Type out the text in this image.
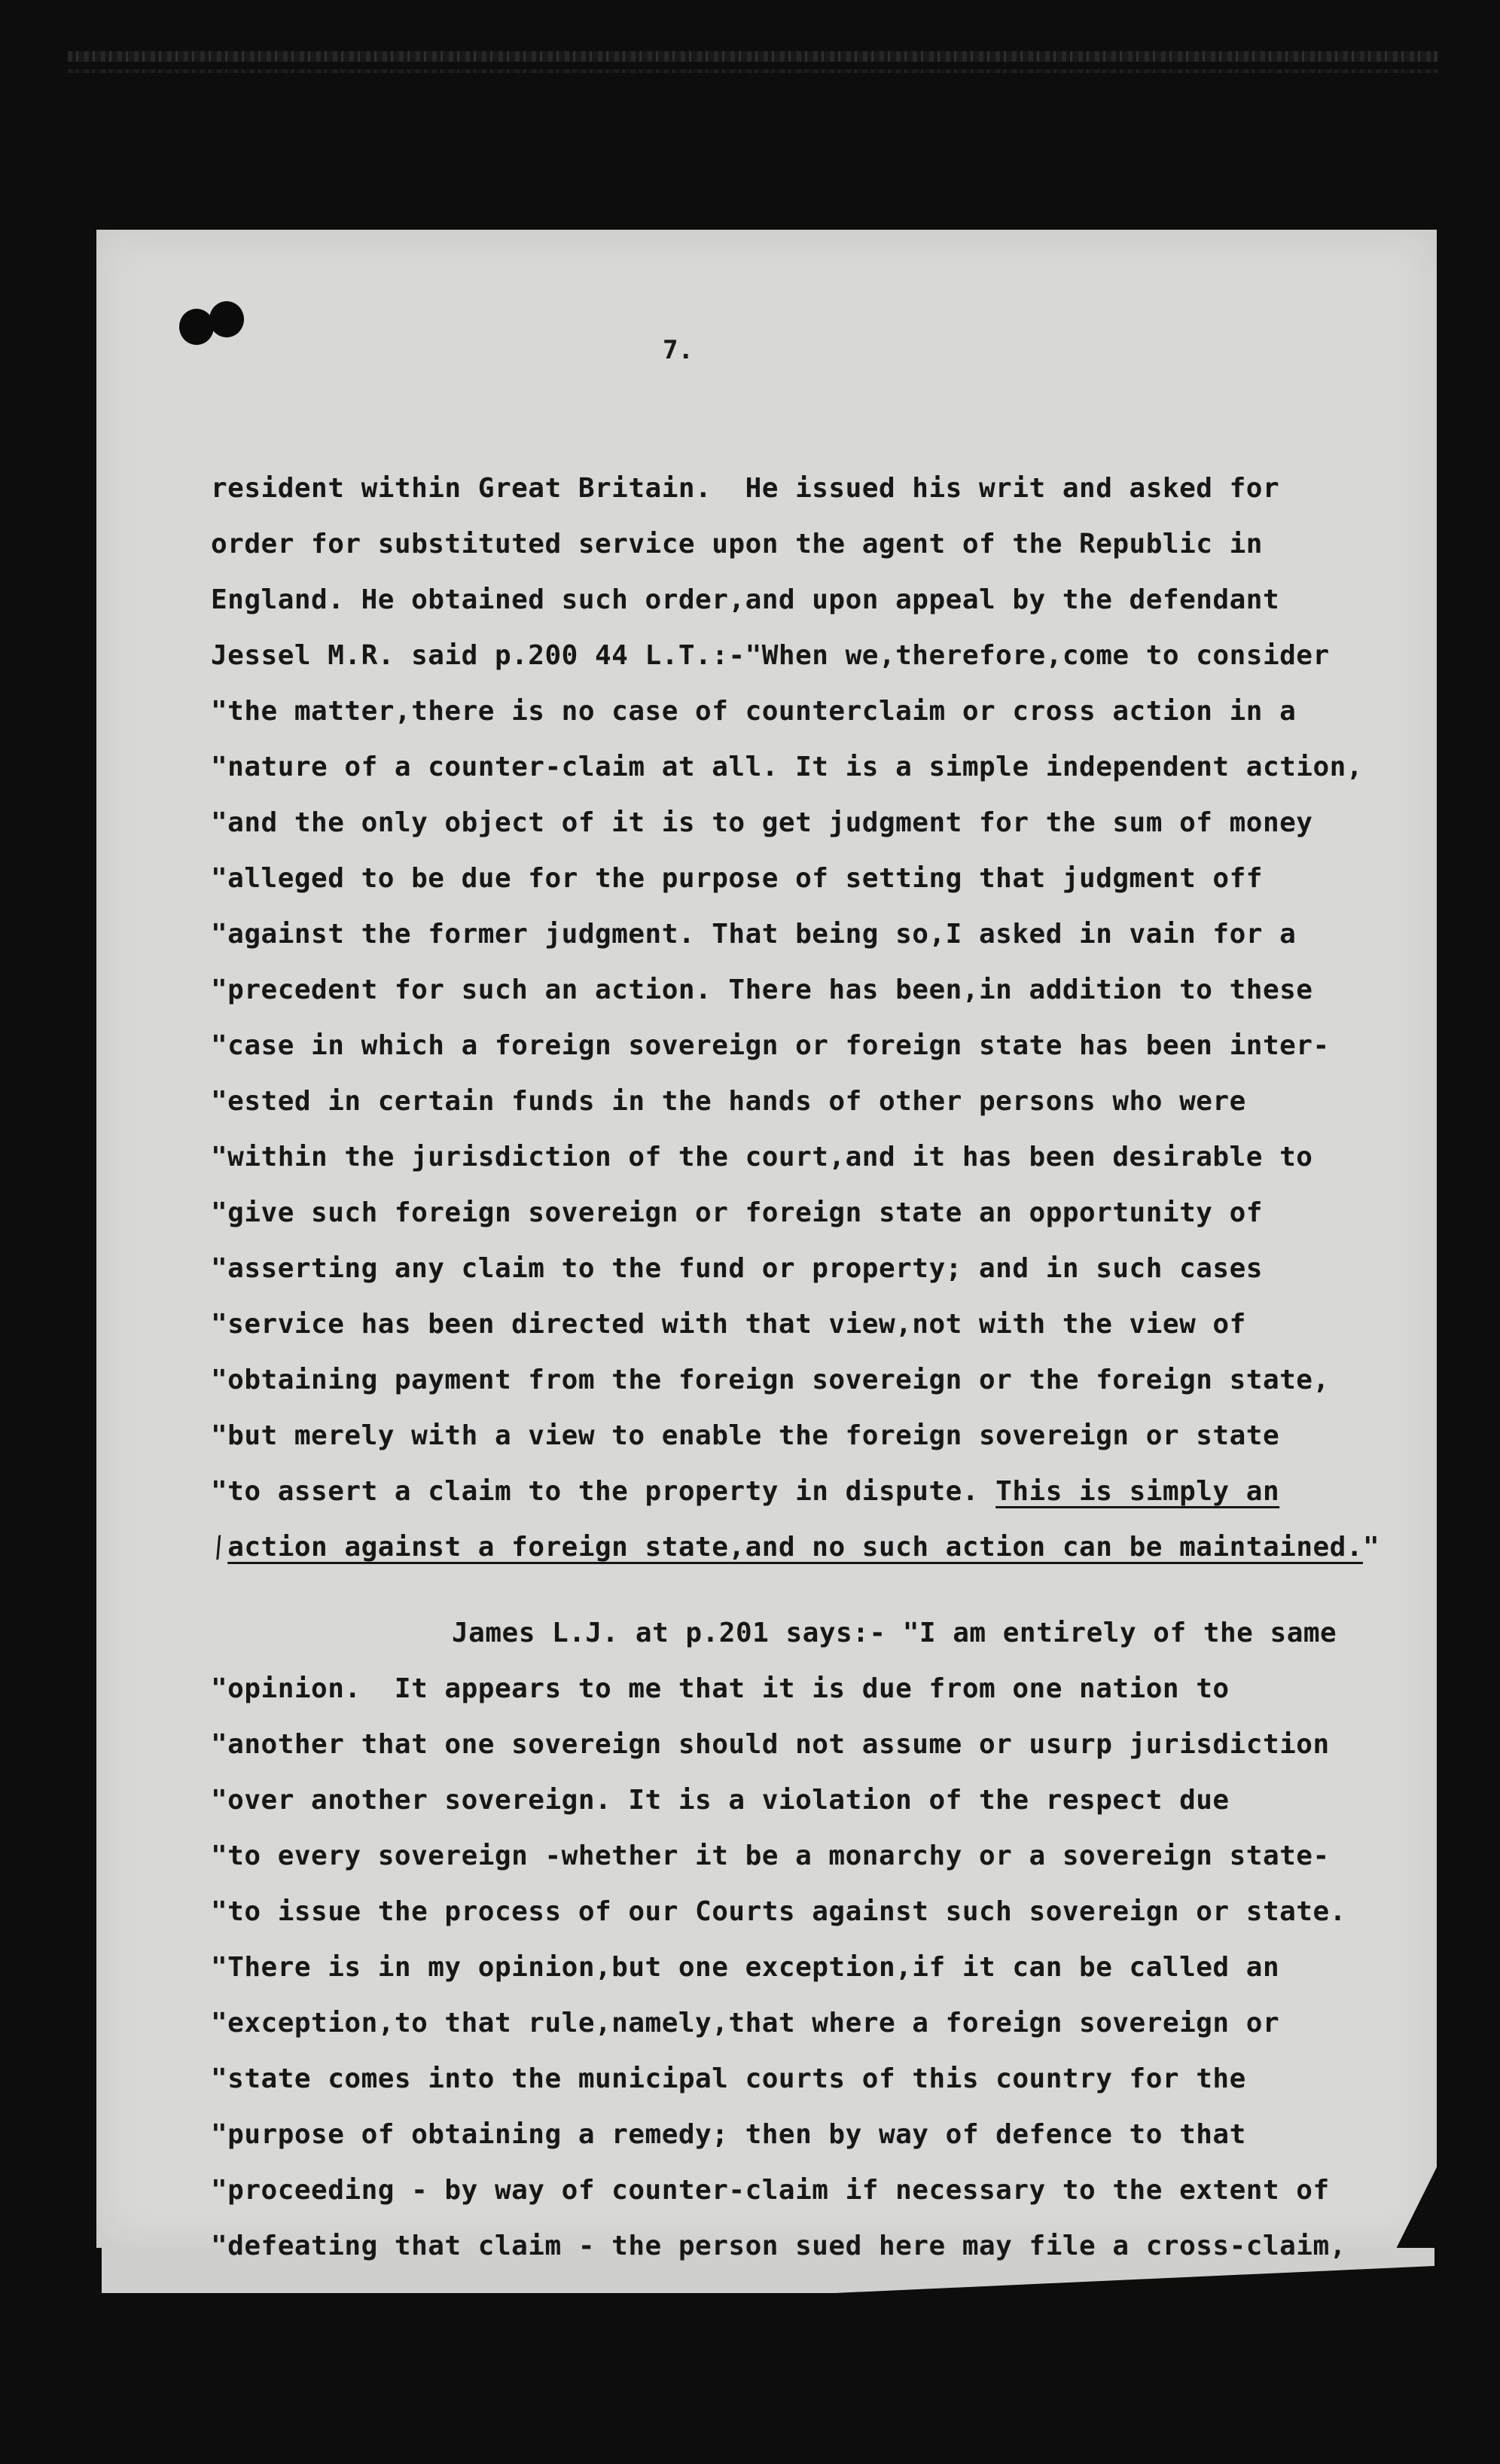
7.
resident within Great Britain.  He issued his writ and asked for
order for substituted service upon the agent of the Republic in
England. He obtained such order,and upon appeal by the defendant
Jessel M.R. said p.200 44 L.T.:-"When we,therefore,come to consider
"the matter,there is no case of counterclaim or cross action in a
"nature of a counter-claim at all. It is a simple independent action,
"and the only object of it is to get judgment for the sum of money
"alleged to be due for the purpose of setting that judgment off
"against the former judgment. That being so,I asked in vain for a
"precedent for such an action. There has been,in addition to these
"case in which a foreign sovereign or foreign state has been inter-
"ested in certain funds in the hands of other persons who were
"within the jurisdiction of the court,and it has been desirable to
"give such foreign sovereign or foreign state an opportunity of
"asserting any claim to the fund or property; and in such cases
"service has been directed with that view,not with the view of
"obtaining payment from the foreign sovereign or the foreign state,
"but merely with a view to enable the foreign sovereign or state
"to assert a claim to the property in dispute. This is simply an
/action against a foreign state,and no such action can be maintained."
James L.J. at p.201 says:- "I am entirely of the same
"opinion.  It appears to me that it is due from one nation to
"another that one sovereign should not assume or usurp jurisdiction
"over another sovereign. It is a violation of the respect due
"to every sovereign -whether it be a monarchy or a sovereign state-
"to issue the process of our Courts against such sovereign or state.
"There is in my opinion,but one exception,if it can be called an
"exception,to that rule,namely,that where a foreign sovereign or
"state comes into the municipal courts of this country for the
"purpose of obtaining a remedy; then by way of defence to that
"proceeding - by way of counter-claim if necessary to the extent of
"defeating that claim - the person sued here may file a cross-claim,
